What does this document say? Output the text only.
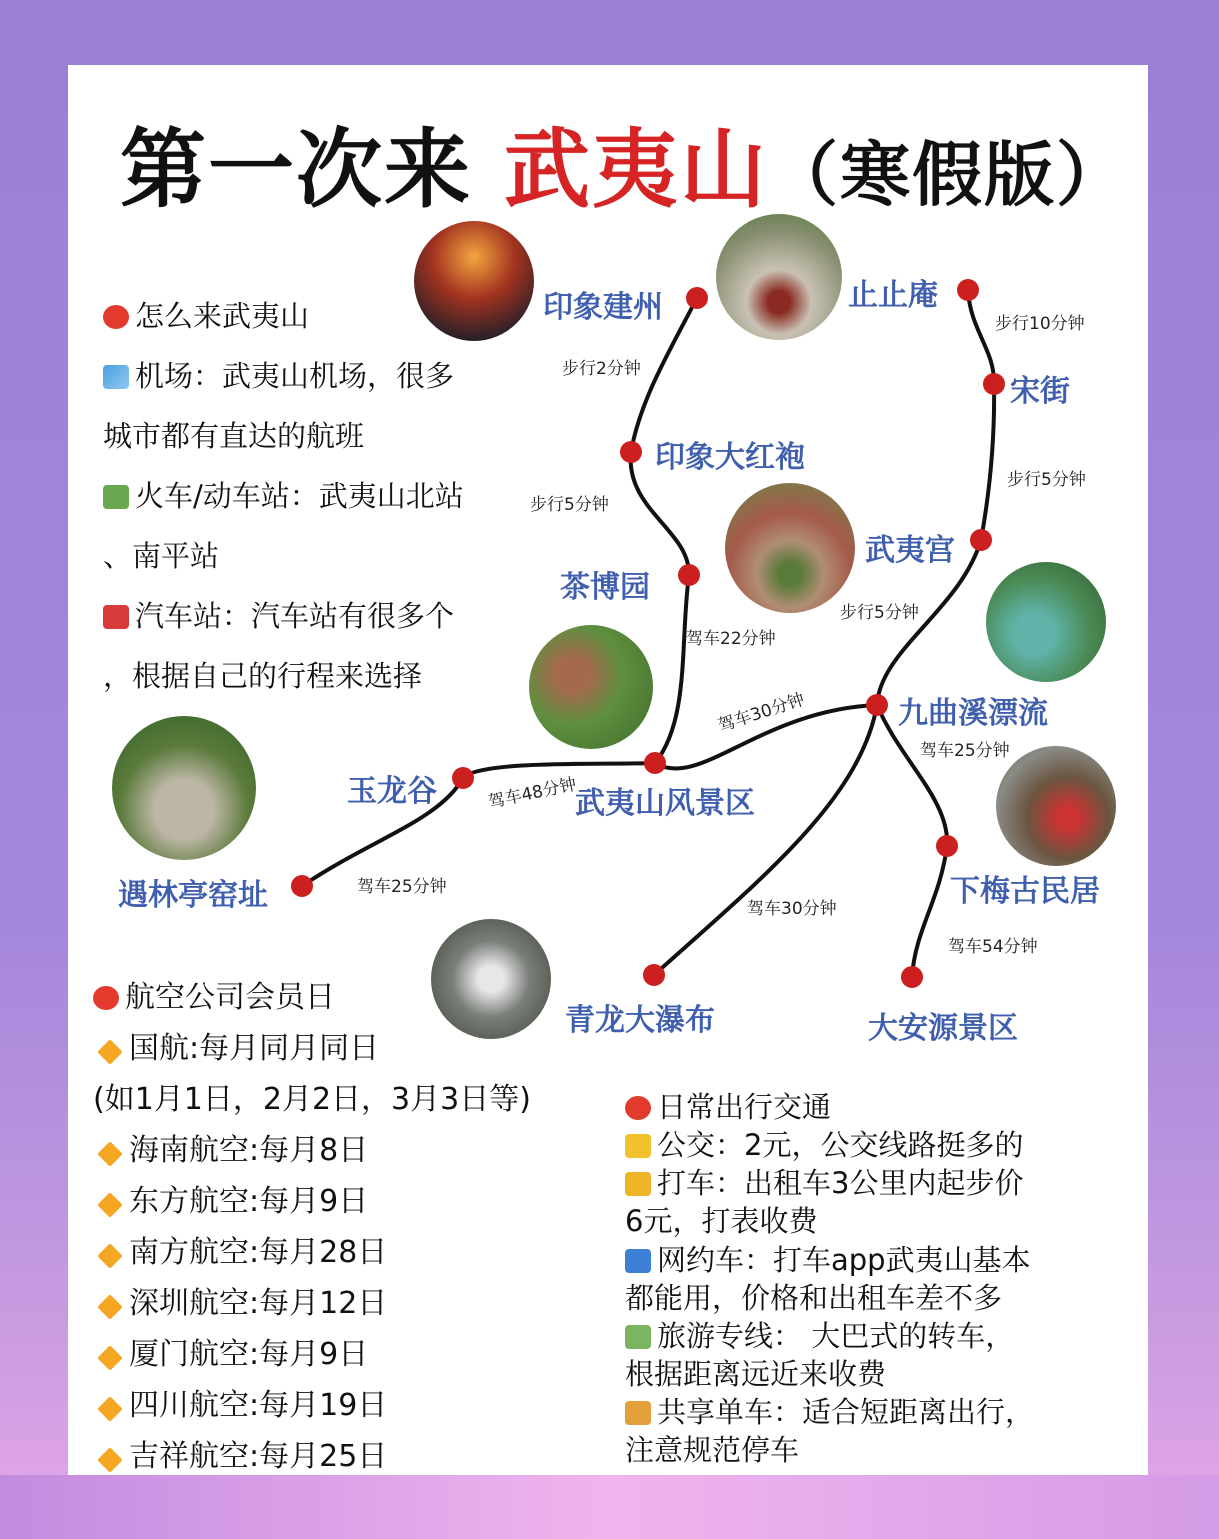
第一次来 武夷山（寒假版）
印象建州	止止庵
宋街
印象大红袍
茶博园
武夷宫
九曲溪漂流
武夷山风景区
玉龙谷
遇林亭窑址	下梅古民居
青龙大瀑布	大安源景区
步行2分钟
步行10分钟
步行5分钟
步行5分钟
驾车22分钟
步行5分钟
驾车30分钟
驾车25分钟
驾车48分钟
驾车25分钟
驾车30分钟
驾车54分钟
怎么来武夷山
机场：武夷山机场，很多
城市都有直达的航班
火车/动车站：武夷山北站
、南平站
汽车站：汽车站有很多个
，根据自己的行程来选择
航空公司会员日
国航:每月同月同日
(如1月1日，2月2日，3月3日等)
海南航空:每月8日
东方航空:每月9日
南方航空:每月28日
深圳航空:每月12日
厦门航空:每月9日
四川航空:每月19日
吉祥航空:每月25日
日常出行交通
公交：2元，公交线路挺多的
打车：出租车3公里内起步价
6元，打表收费
网约车：打车app武夷山基本
都能用，价格和出租车差不多
旅游专线： 大巴式的转车，
根据距离远近来收费
共享单车：适合短距离出行，
注意规范停车
